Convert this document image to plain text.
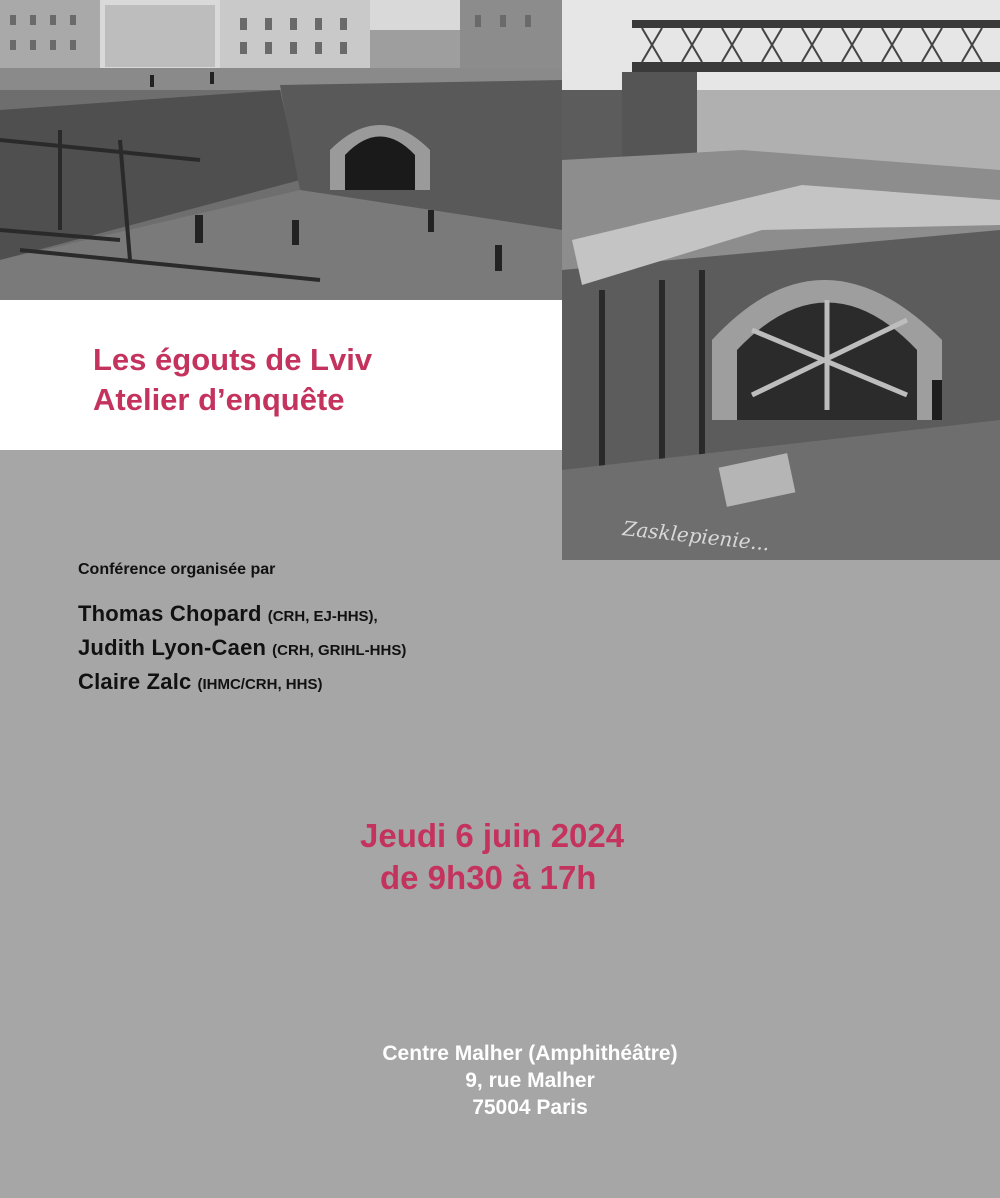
Zasklepienie...
Les égouts de Lviv
Atelier d’enquête
Conférence organisée par
Thomas Chopard (CRH, EJ-HHS),
Judith Lyon-Caen (CRH, GRIHL-HHS)
Claire Zalc (IHMC/CRH, HHS)
Jeudi 6 juin 2024
de 9h30 à 17h
Centre Malher (Amphithéâtre)
9, rue Malher
75004 Paris
